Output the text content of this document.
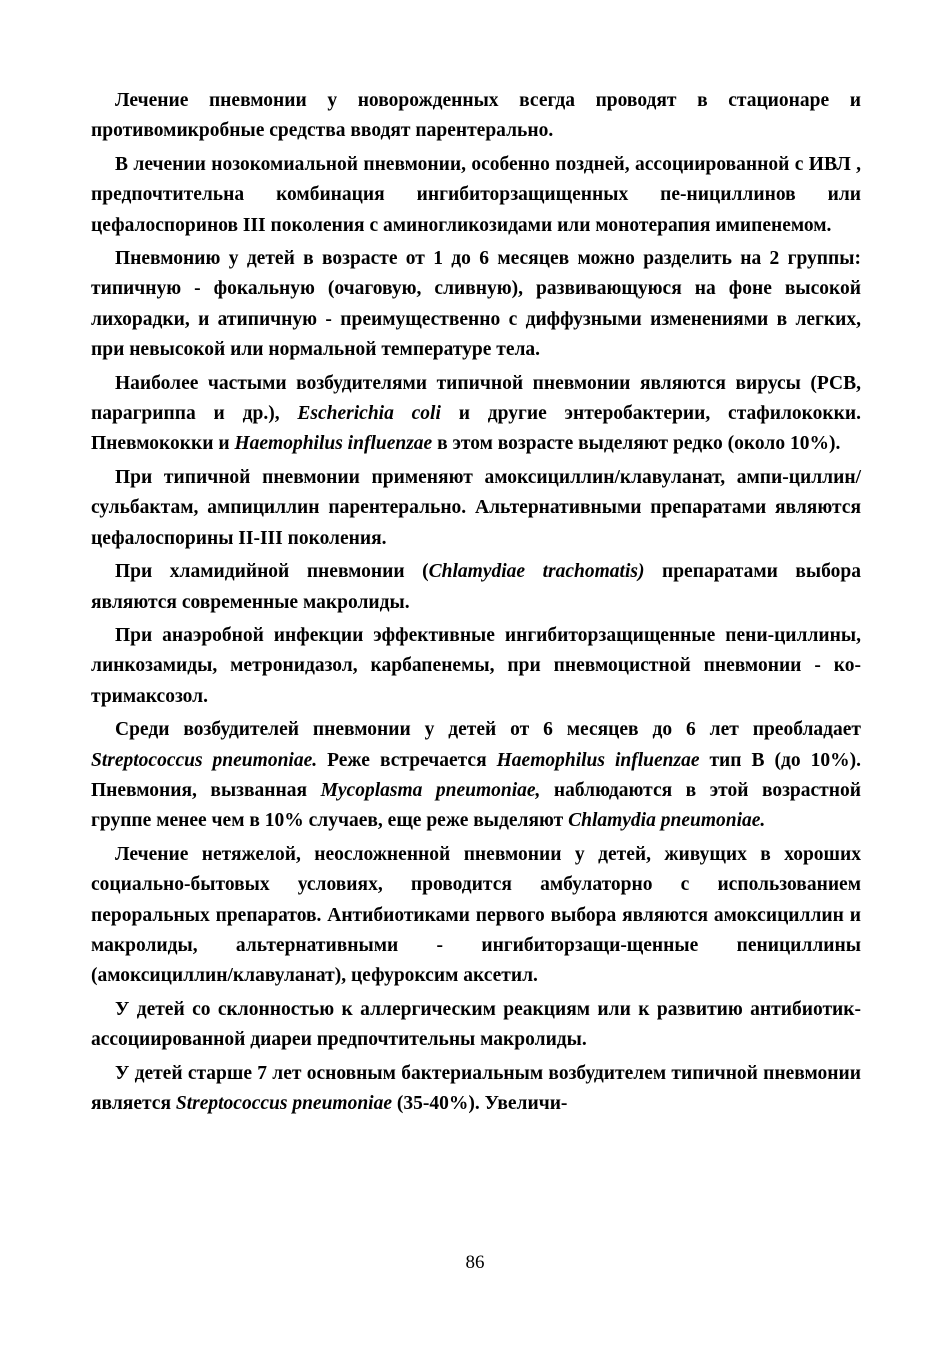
Лечение пневмонии у новорожденных всегда проводят в стационаре и противомикробные средства вводят парентерально.

В лечении нозокомиальной пневмонии, особенно поздней, ассоциированной с ИВЛ , предпочтительна комбинация ингибиторзащищенных пе-нициллинов или цефалоспоринов III поколения с аминогликозидами или монотерапия имипенемом.

Пневмонию у детей в возрасте от 1 до 6 месяцев можно разделить на 2 группы: типичную - фокальную (очаговую, сливную), развивающуюся на фоне высокой лихорадки, и атипичную - преимущественно с диффузными изменениями в легких, при невысокой или нормальной температуре тела.

Наиболее частыми возбудителями типичной пневмонии являются вирусы (РСВ, парагриппа и др.), Escherichia coli и другие энтеробактерии, стафилококки. Пневмококки и Haemophilus influenzae в этом возрасте выделяют редко (около 10%).

При типичной пневмонии применяют амоксициллин/клавуланат, ампи-циллин/сульбактам, ампициллин парентерально. Альтернативными препаратами являются цефалоспорины II-III поколения.

При хламидийной пневмонии (Chlamydiae trachomatis) препаратами выбора являются современные макролиды.

При анаэробной инфекции эффективные ингибиторзащищенные пени-циллины, линкозамиды, метронидазол, карбапенемы, при пневмоцистной пневмонии - ко-тримаксозол.

Среди возбудителей пневмонии у детей от 6 месяцев до 6 лет преобладает Streptococcus pneumoniae. Реже встречается Haemophilus influenzae тип B (до 10%). Пневмония, вызванная Mycoplasma pneumoniae, наблюдаются в этой возрастной группе менее чем в 10% случаев, еще реже выделяют Chlamydia pneumoniae.

Лечение нетяжелой, неосложненной пневмонии у детей, живущих в хороших социально-бытовых условиях, проводится амбулаторно с использованием пероральных препаратов. Антибиотиками первого выбора являются амоксициллин и макролиды, альтернативными - ингибиторзащи-щенные пенициллины (амоксициллин/клавуланат), цефуроксим аксетил.

У детей со склонностью к аллергическим реакциям или к развитию антибиотик-ассоциированной диареи предпочтительны макролиды.

У детей старше 7 лет основным бактериальным возбудителем типичной пневмонии является Streptococcus pneumoniae (35-40%). Увеличи-

86
